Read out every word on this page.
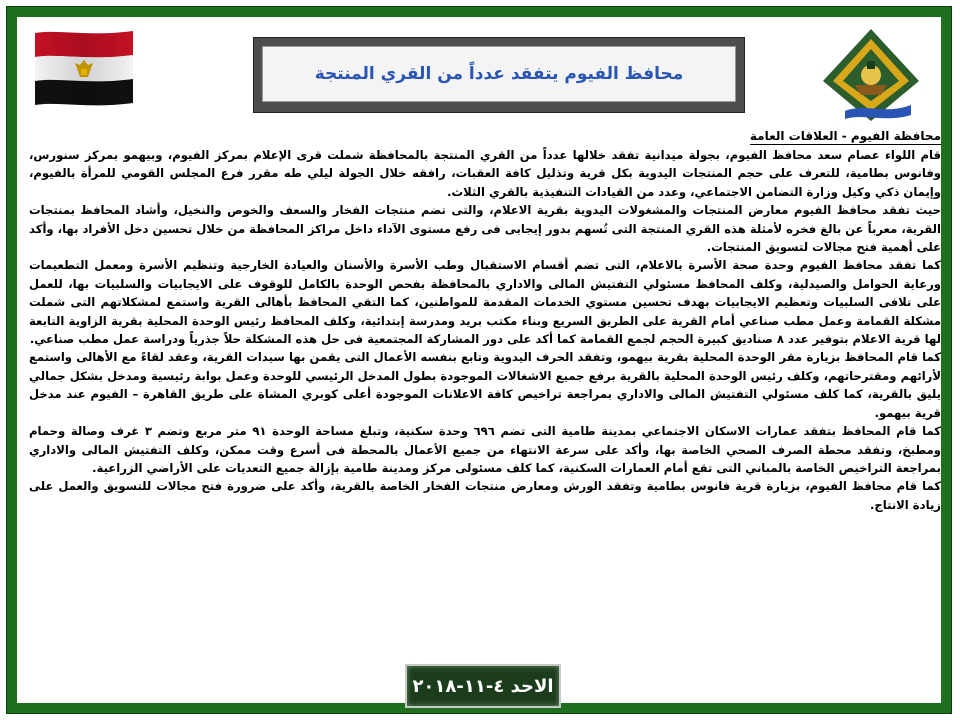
محافظ الفيوم يتفقد عدداً من القري المنتجة
محافظة الفيوم - العلاقات العامة

قام اللواء عصام سعد محافظ الفيوم، بجولة ميدانية تفقد خلالها عدداً من القري المنتجة بالمحافظة شملت قرى الإعلام بمركز الفيوم، وبيهمو بمركز سنورس، وفانوس بطامية، للتعرف على حجم المنتجات اليدوية بكل قرية وتذليل كافة العقبات، رافقه خلال الجولة ليلي طه مقرر فرع المجلس القومي للمرأة بالفيوم، وإيمان ذكي وكيل وزارة التضامن الاجتماعي، وعدد من القيادات التنفيذية بالقري الثلاث.

حيث تفقد محافظ الفيوم معارض المنتجات والمشغولات اليدوية بقرية الاعلام، والتى تضم منتجات الفخار والسعف والخوص والنخيل، وأشاد المحافظ بمنتجات القرية، معرباً عن بالغ فخره لأمثلة هذه القري المنتجة التى تُسهم بدور إيجابى فى رفع مستوى الآداء داخل مراكز المحافظة من خلال تحسين دخل الأفراد بها، وأكد على أهمية فتح مجالات لتسويق المنتجات.

كما تفقد محافظ الفيوم وحدة صحة الأسرة بالاعلام، التى تضم أقسام الاستقبال وطب الأسرة والأسنان والعيادة الخارجية وتنظيم الأسرة ومعمل التطعيمات ورعاية الحوامل والصيدلية، وكلف المحافظ مسئولي التفتيش المالى والاداري بالمحافظة بفحص الوحدة بالكامل للوقوف على الايجابيات والسلبيات بها، للعمل على تلافى السلبيات وتعظيم الايجابيات بهدف تحسين مستوي الخدمات المقدمة للمواطنين، كما التقي المحافظ بأهالى القرية واستمع لمشكلاتهم التى شملت مشكلة القمامة وعمل مطب صناعي أمام القرية على الطريق السريع وبناء مكتب بريد ومدرسة إبتدائية، وكلف المحافظ رئيس الوحدة المحلية بقرية الزاوية التابعة لها قرية الاعلام بتوفير عدد ٨ صناديق كبيرة الحجم لجمع القمامة كما أكد على دور المشاركة المجتمعية فى حل هذه المشكلة حلاً جذرياً ودراسة عمل مطب صناعي.

كما قام المحافظ بزيارة مقر الوحدة المحلية بقرية بيهمو، وتفقد الحرف اليدوية وتابع بنفسه الأعمال التى يقمن بها سيدات القرية، وعقد لقاءً مع الأهالى واستمع لأرائهم ومقترحاتهم، وكلف رئيس الوحدة المحلية بالقرية برفع جميع الاشغالات الموجودة بطول المدخل الرئيسي للوحدة وعمل بوابة رئيسية ومدخل بشكل جمالي يليق بالقرية، كما كلف مسئولي التفتيش المالى والاداري بمراجعة تراخيص كافة الاعلانات الموجودة أعلى كوبري المشاة على طريق القاهرة – الفيوم عند مدخل قرية بيهمو.

كما قام المحافظ بتفقد عمارات الاسكان الاجتماعي بمدينة طامية التى تضم ٦٩٦ وحدة سكنية، وتبلغ مساحة الوحدة ٩١ متر مربع وتضم ٣ غرف وصالة وحمام ومطبخ، وتفقد محطة الصرف الصحي الخاصة بها، وأكد على سرعة الانتهاء من جميع الأعمال بالمحطة فى أسرع وقت ممكن، وكلف التفتيش المالى والاداري بمراجعة التراخيص الخاصة بالمباني التى تقع أمام العمارات السكنية، كما كلف مسئولى مركز ومدينة طامية بإزالة جميع التعديات على الأراضي الزراعية.

كما قام محافظ الفيوم، بزيارة قرية فانوس بطامية وتفقد الورش ومعارض منتجات الفخار الخاصة بالقرية، وأكد على ضرورة فتح مجالات للتسويق والعمل على زيادة الانتاج.

الاحد ٤-١١-٢٠١٨
